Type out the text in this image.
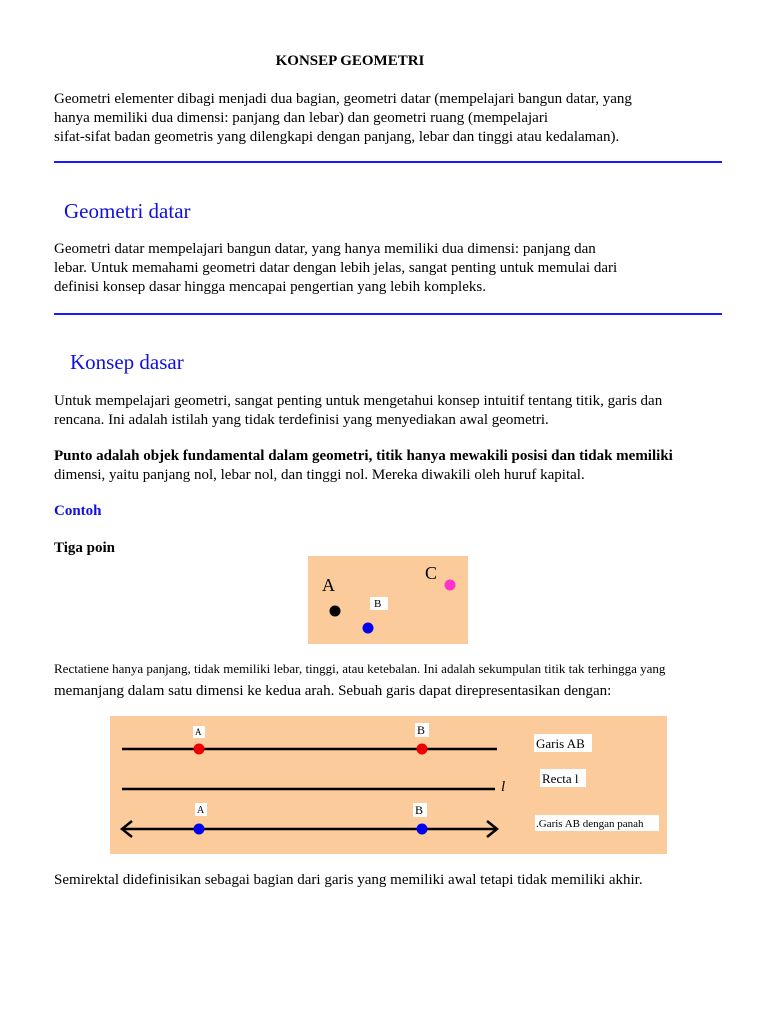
KONSEP GEOMETRI
Geometri elementer dibagi menjadi dua bagian, geometri datar (mempelajari bangun datar, yang
hanya memiliki dua dimensi: panjang dan lebar) dan geometri ruang (mempelajari
sifat-sifat badan geometris yang dilengkapi dengan panjang, lebar dan tinggi atau kedalaman).
Geometri datar
Geometri datar mempelajari bangun datar, yang hanya memiliki dua dimensi: panjang dan
lebar. Untuk memahami geometri datar dengan lebih jelas, sangat penting untuk memulai dari
definisi konsep dasar hingga mencapai pengertian yang lebih kompleks.
Konsep dasar
Untuk mempelajari geometri, sangat penting untuk mengetahui konsep intuitif tentang titik, garis dan
rencana. Ini adalah istilah yang tidak terdefinisi yang menyediakan awal geometri.
Punto adalah objek fundamental dalam geometri, titik hanya mewakili posisi dan tidak memiliki
dimensi, yaitu panjang nol, lebar nol, dan tinggi nol. Mereka diwakili oleh huruf kapital.
Contoh
Tiga poin
A
B
C
Rectatiene hanya panjang, tidak memiliki lebar, tinggi, atau ketebalan. Ini adalah sekumpulan titik tak terhingga yang
memanjang dalam satu dimensi ke kedua arah. Sebuah garis dapat direpresentasikan dengan:
A	B
Garis AB
l
Recta l
A	B
.Garis AB dengan panah
Semirektal didefinisikan sebagai bagian dari garis yang memiliki awal tetapi tidak memiliki akhir.
